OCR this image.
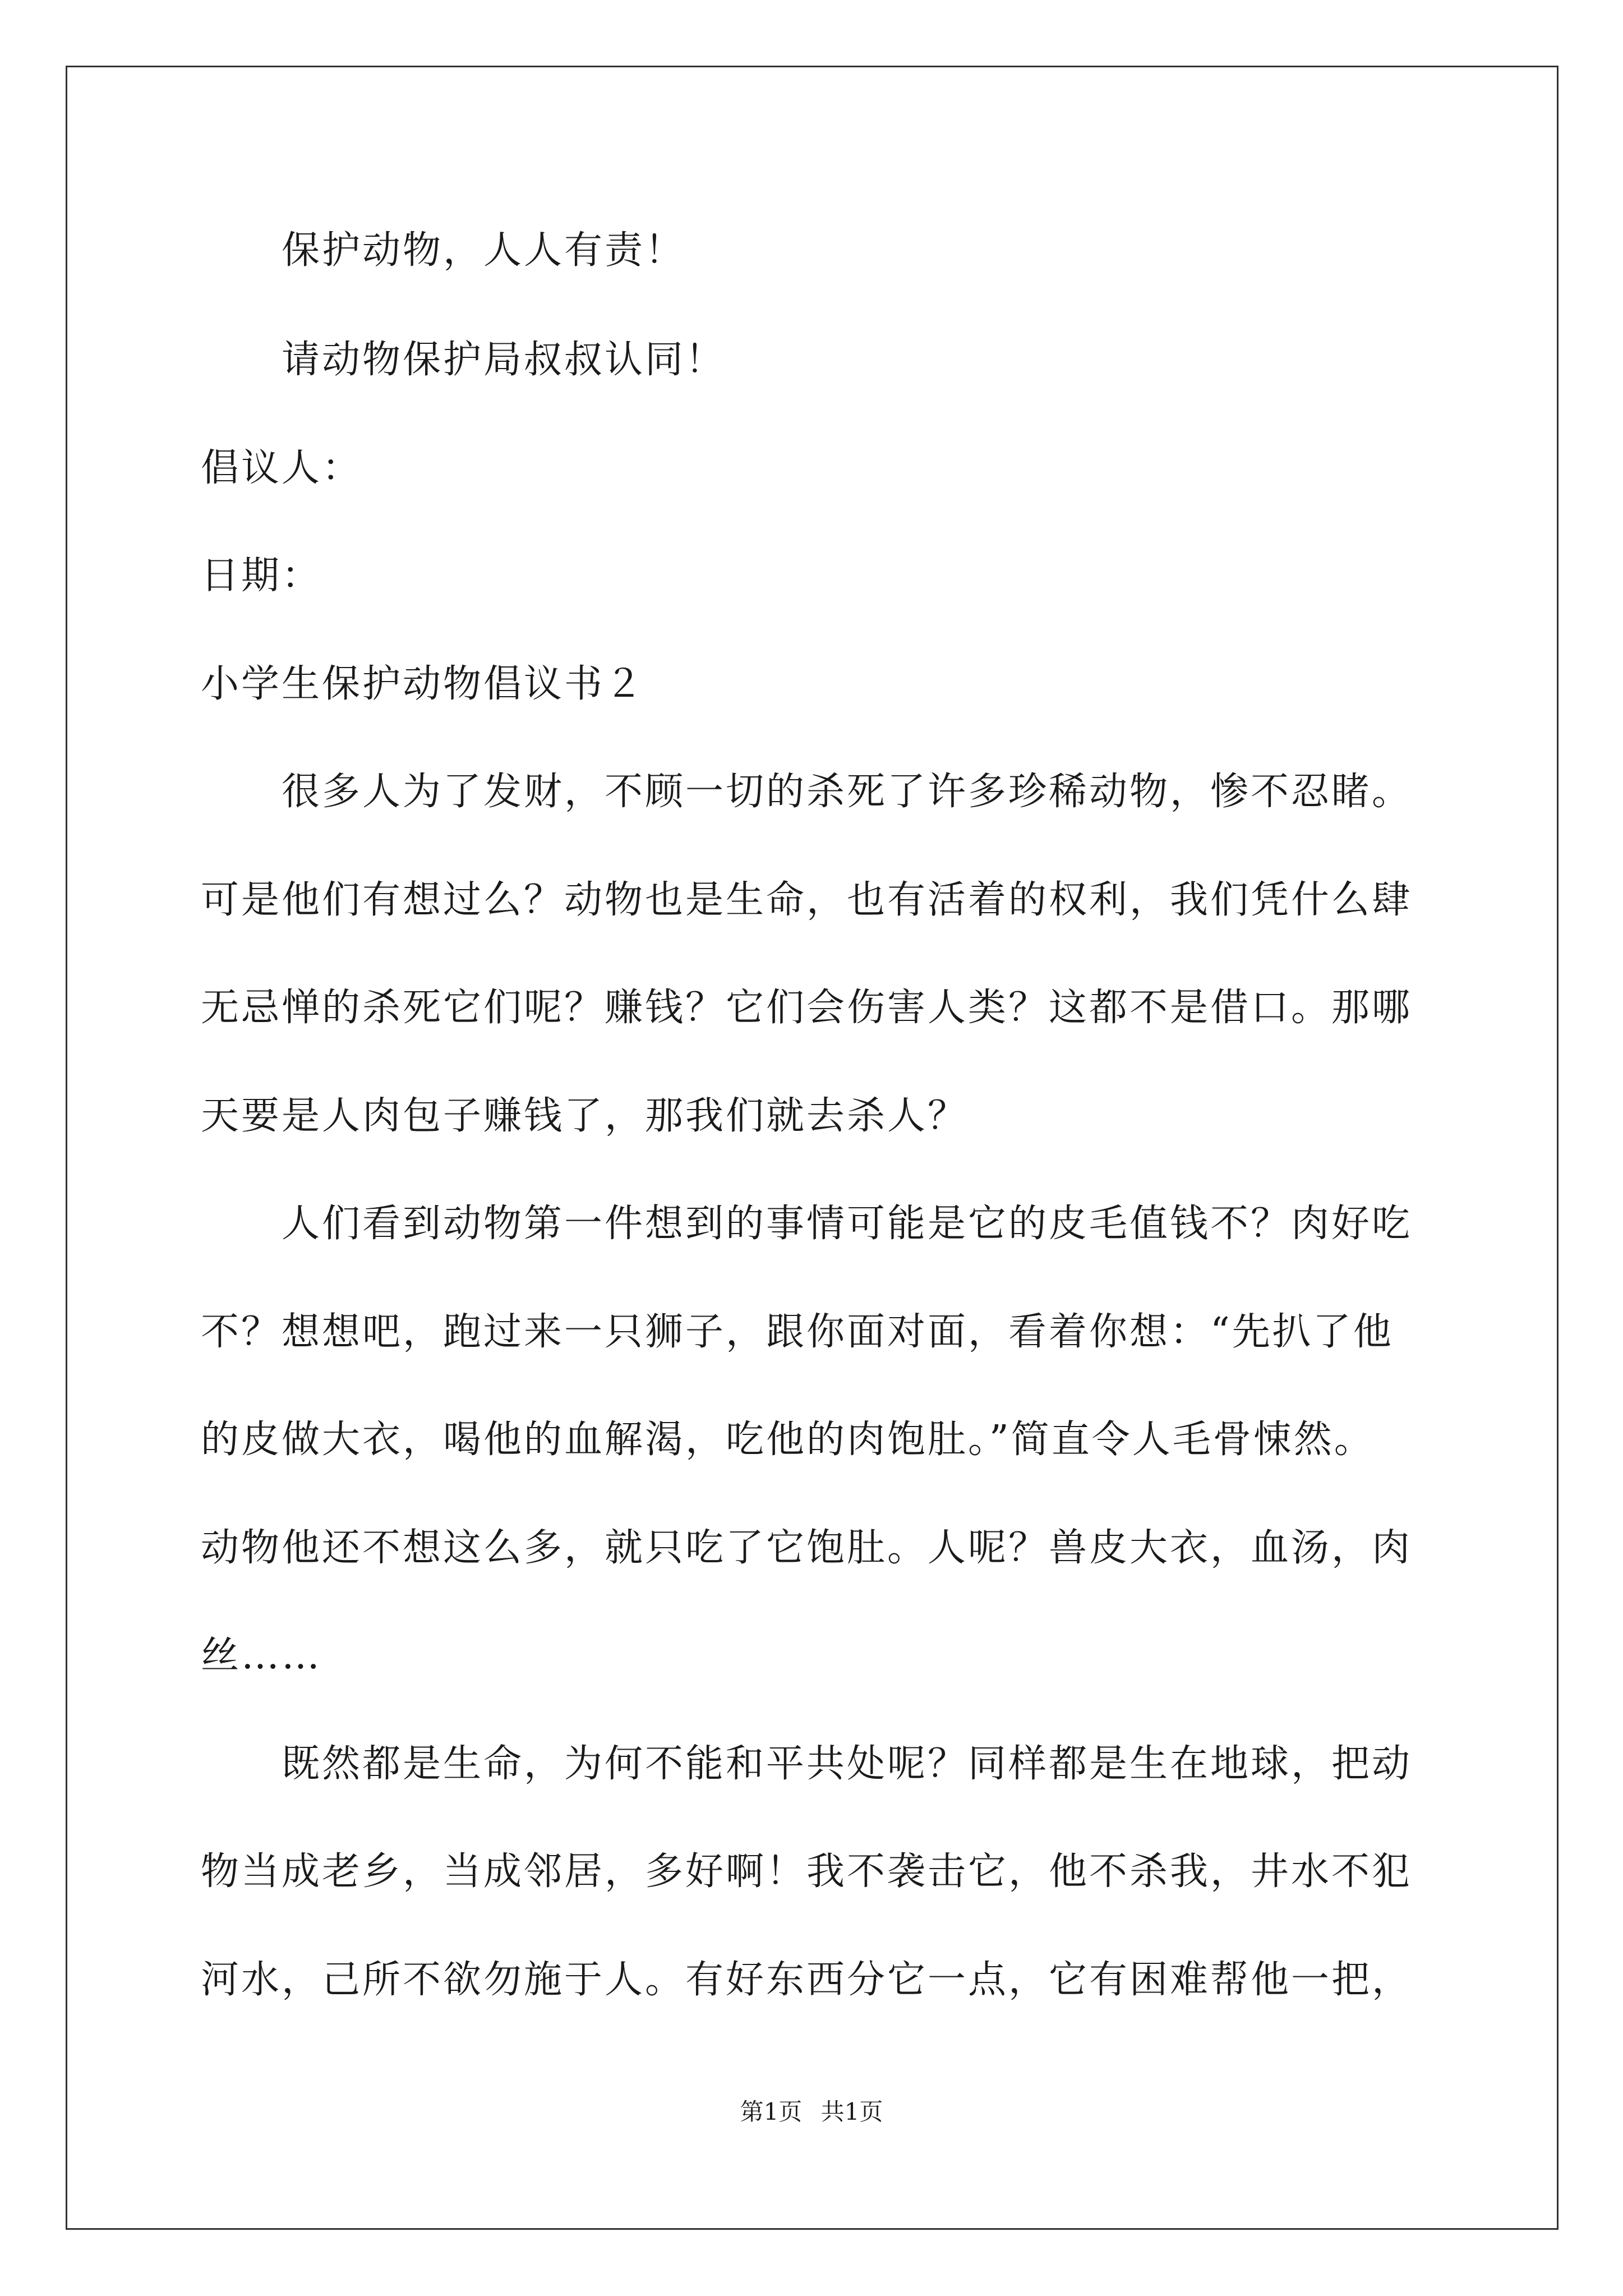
　　保护动物，人人有责！
　　请动物保护局叔叔认同！
倡议人：
日期：
小学生保护动物倡议书２
　　很多人为了发财，不顾一切的杀死了许多珍稀动物，惨不忍睹。
可是他们有想过么？动物也是生命，也有活着的权利，我们凭什么肆
无忌惮的杀死它们呢？赚钱？它们会伤害人类？这都不是借口。那哪
天要是人肉包子赚钱了，那我们就去杀人？
　　人们看到动物第一件想到的事情可能是它的皮毛值钱不？肉好吃
不？想想吧，跑过来一只狮子，跟你面对面，看着你想：“先扒了他
的皮做大衣，喝他的血解渴，吃他的肉饱肚。”简直令人毛骨悚然。
动物他还不想这么多，就只吃了它饱肚。人呢？兽皮大衣，血汤，肉
丝……
　　既然都是生命，为何不能和平共处呢？同样都是生在地球，把动
物当成老乡，当成邻居，多好啊！我不袭击它，他不杀我，井水不犯
河水，己所不欲勿施于人。有好东西分它一点，它有困难帮他一把，
第1页 共1页
